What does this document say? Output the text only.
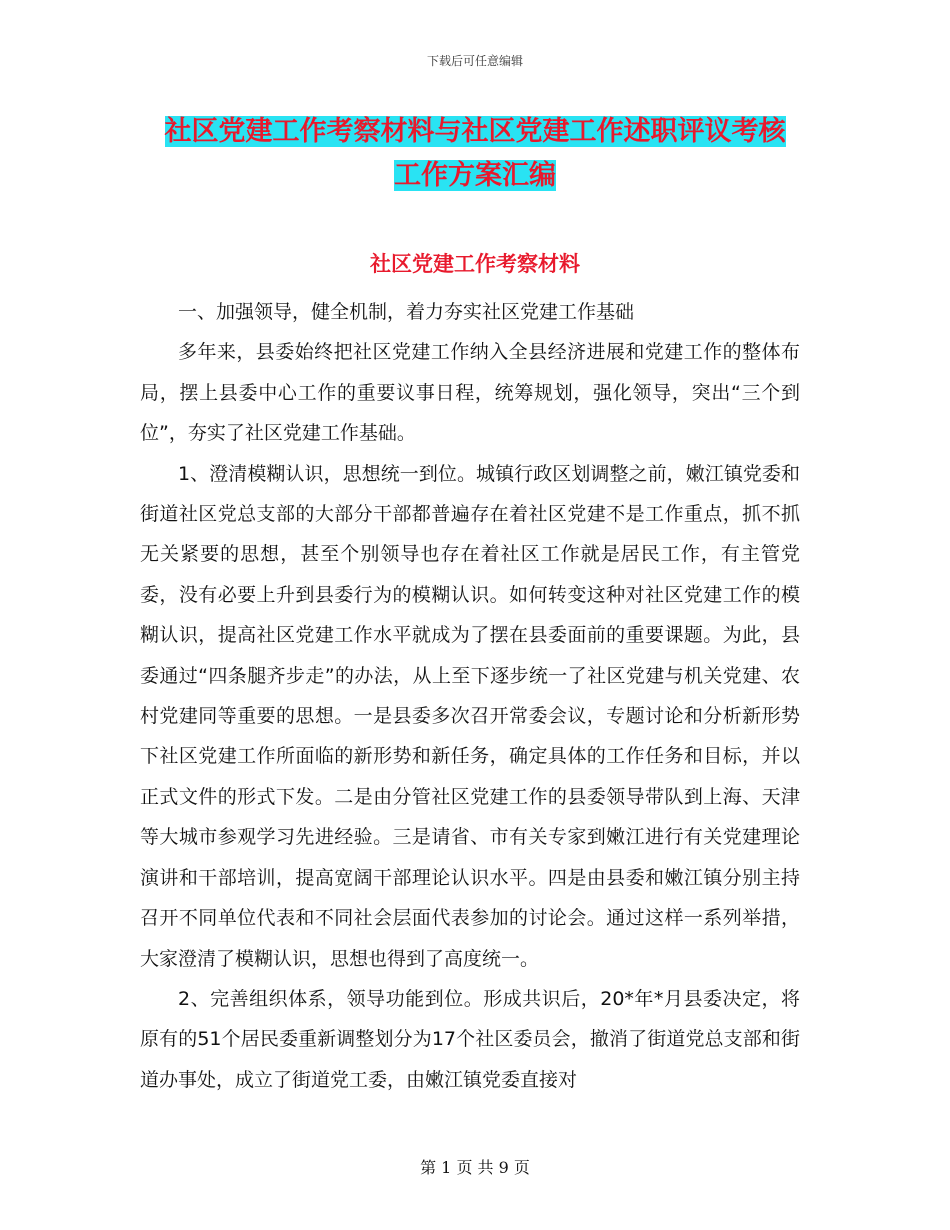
下载后可任意编辑
社区党建工作考察材料与社区党建工作述职评议考核
工作方案汇编
社区党建工作考察材料

一、加强领导，健全机制，着力夯实社区党建工作基础

多年来，县委始终把社区党建工作纳入全县经济进展和党建工作的整体布局，摆上县委中心工作的重要议事日程，统筹规划，强化领导，突出“三个到位”，夯实了社区党建工作基础。

1、澄清模糊认识，思想统一到位。城镇行政区划调整之前，嫩江镇党委和街道社区党总支部的大部分干部都普遍存在着社区党建不是工作重点，抓不抓无关紧要的思想，甚至个别领导也存在着社区工作就是居民工作，有主管党委，没有必要上升到县委行为的模糊认识。如何转变这种对社区党建工作的模糊认识，提高社区党建工作水平就成为了摆在县委面前的重要课题。为此，县委通过“四条腿齐步走”的办法，从上至下逐步统一了社区党建与机关党建、农村党建同等重要的思想。一是县委多次召开常委会议，专题讨论和分析新形势下社区党建工作所面临的新形势和新任务，确定具体的工作任务和目标，并以正式文件的形式下发。二是由分管社区党建工作的县委领导带队到上海、天津等大城市参观学习先进经验。三是请省、市有关专家到嫩江进行有关党建理论演讲和干部培训，提高宽阔干部理论认识水平。四是由县委和嫩江镇分别主持召开不同单位代表和不同社会层面代表参加的讨论会。通过这样一系列举措，大家澄清了模糊认识，思想也得到了高度统一。

2、完善组织体系，领导功能到位。形成共识后，20*年*月县委决定，将原有的51个居民委重新调整划分为17个社区委员会，撤消了街道党总支部和街道办事处，成立了街道党工委，由嫩江镇党委直接对

第 1 页 共 9 页
